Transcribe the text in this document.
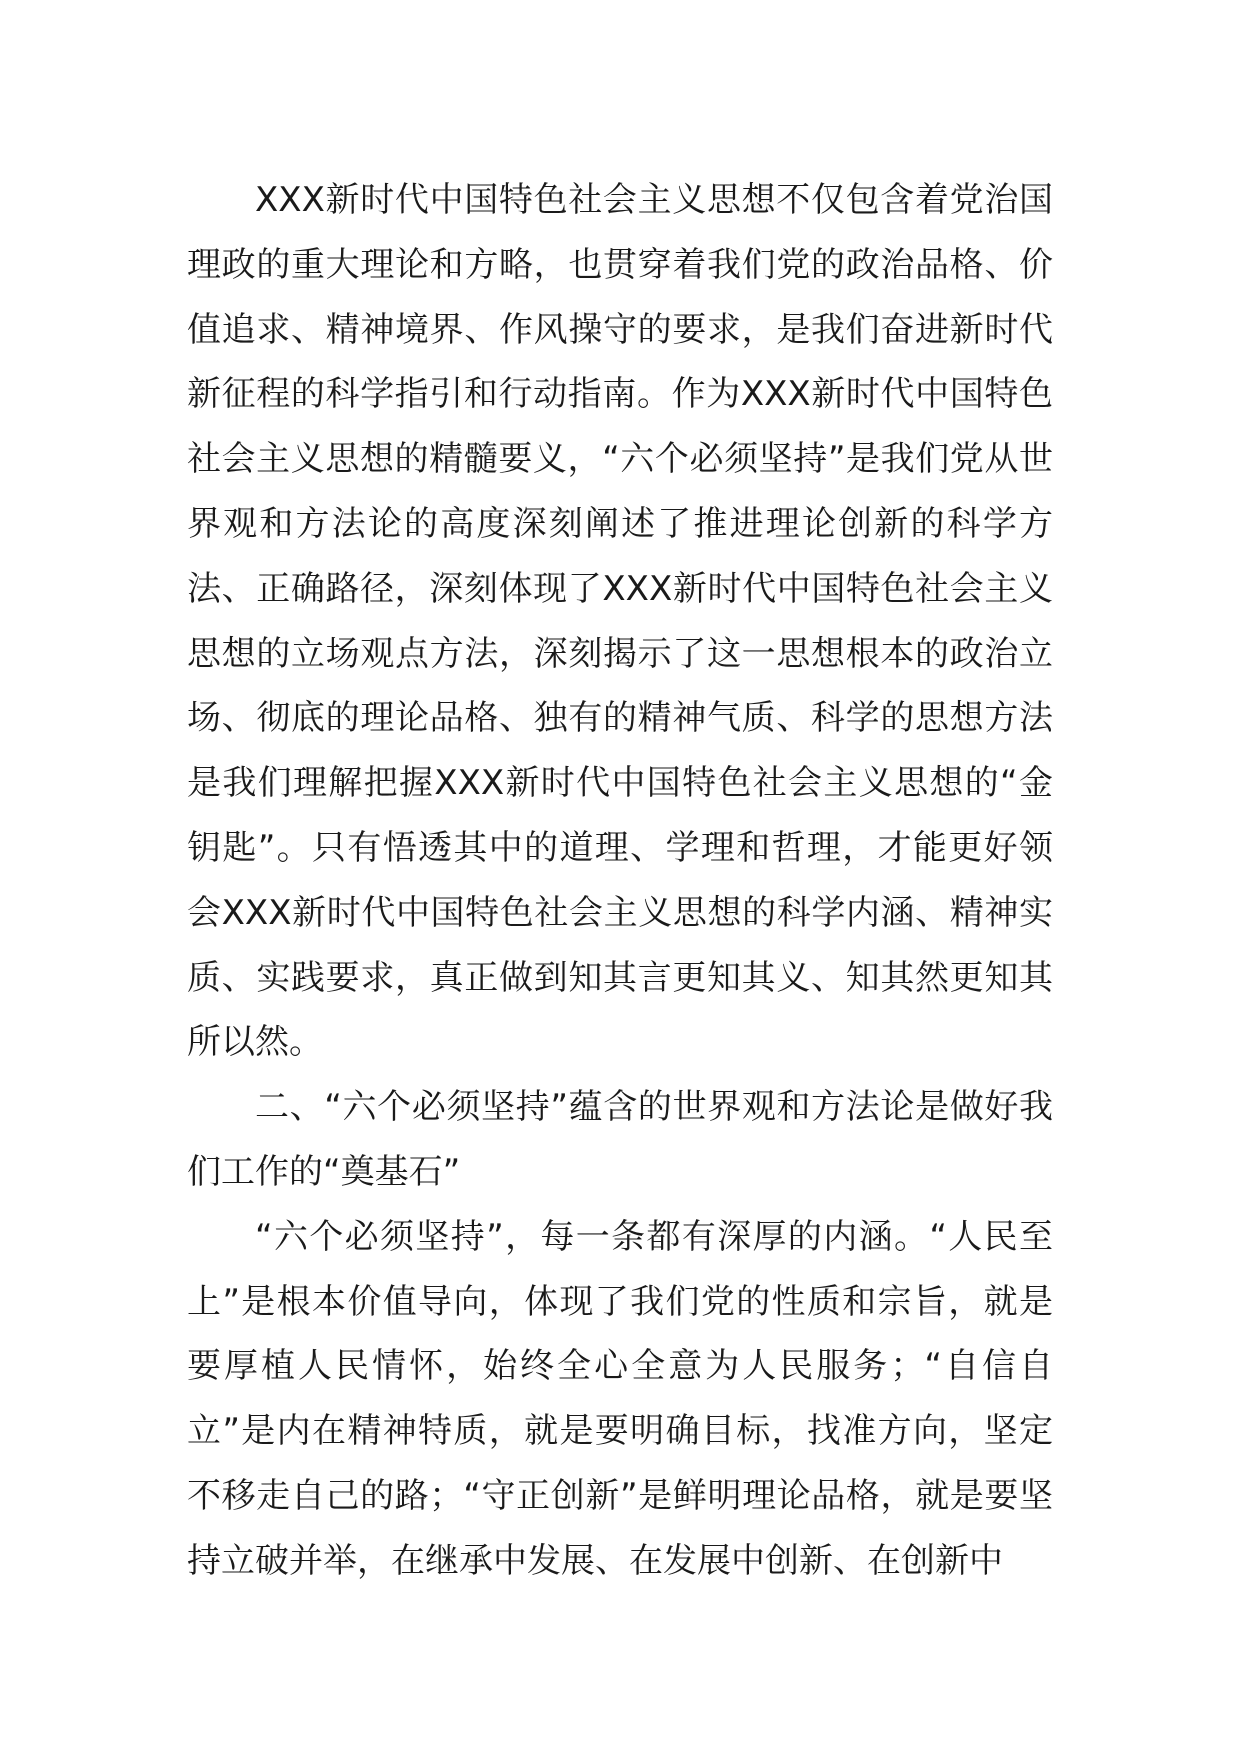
XXX新时代中国特色社会主义思想不仅包含着党治国理政的重大理论和方略，也贯穿着我们党的政治品格、价值追求、精神境界、作风操守的要求，是我们奋进新时代新征程的科学指引和行动指南。作为XXX新时代中国特色社会主义思想的精髓要义，“六个必须坚持”是我们党从世界观和方法论的高度深刻阐述了推进理论创新的科学方法、正确路径，深刻体现了XXX新时代中国特色社会主义思想的立场观点方法，深刻揭示了这一思想根本的政治立场、彻底的理论品格、独有的精神气质、科学的思想方法是我们理解把握XXX新时代中国特色社会主义思想的“金钥匙”。只有悟透其中的道理、学理和哲理，才能更好领会XXX新时代中国特色社会主义思想的科学内涵、精神实质、实践要求，真正做到知其言更知其义、知其然更知其所以然。

二、“六个必须坚持”蕴含的世界观和方法论是做好我们工作的“奠基石”

“六个必须坚持”，每一条都有深厚的内涵。“人民至上”是根本价值导向，体现了我们党的性质和宗旨，就是要厚植人民情怀，始终全心全意为人民服务；“自信自立”是内在精神特质，就是要明确目标，找准方向，坚定不移走自己的路；“守正创新”是鲜明理论品格，就是要坚持立破并举，在继承中发展、在发展中创新、在创新中
